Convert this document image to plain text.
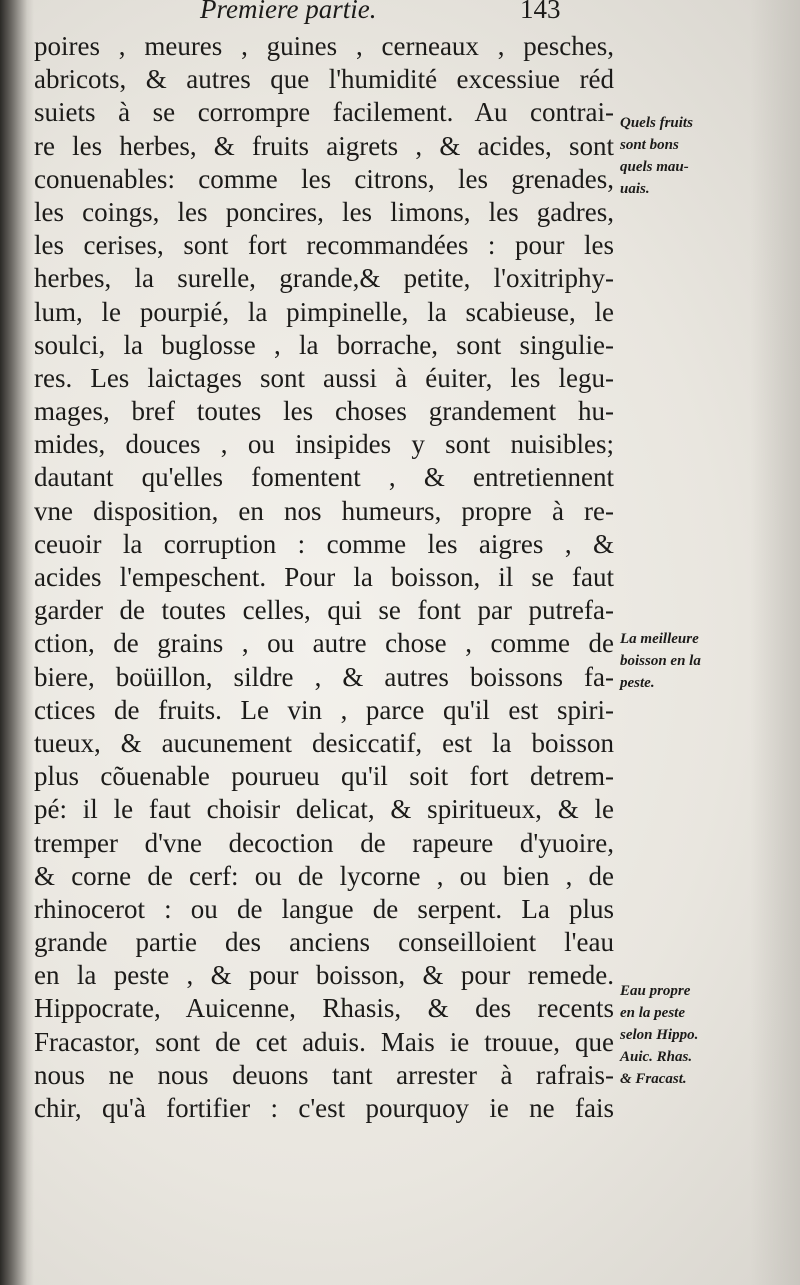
Premiere partie.	143
poires , meures , guines , cerneaux , pesches,
abricots, & autres que l'humidité excessiue réd
suiets à se corrompre facilement. Au contrai-
re les herbes, & fruits aigrets , & acides, sont
conuenables: comme les citrons, les grenades,
les coings, les poncires, les limons, les gadres,
les cerises, sont fort recommandées : pour les
herbes, la surelle, grande,& petite, l'oxitriphy-
lum, le pourpié, la pimpinelle, la scabieuse, le
soulci, la buglosse , la borrache, sont singulie-
res. Les laictages sont aussi à éuiter, les legu-
mages, bref toutes les choses grandement hu-
mides, douces , ou insipides y sont nuisibles;
dautant qu'elles fomentent , & entretiennent
vne disposition, en nos humeurs, propre à re-
ceuoir la corruption : comme les aigres , &
acides l'empeschent. Pour la boisson, il se faut
garder de toutes celles, qui se font par putrefa-
ction, de grains , ou autre chose , comme de
biere, boüillon, sildre , & autres boissons fa-
ctices de fruits. Le vin , parce qu'il est spiri-
tueux, & aucunement desiccatif, est la boisson
plus cõuenable pourueu qu'il soit fort detrem-
pé: il le faut choisir delicat, & spiritueux, & le
tremper d'vne decoction de rapeure d'yuoire,
& corne de cerf: ou de lycorne , ou bien , de
rhinocerot : ou de langue de serpent. La plus
grande partie des anciens conseilloient l'eau
en la peste , & pour boisson, & pour remede.
Hippocrate, Auicenne, Rhasis, & des recents
Fracastor, sont de cet aduis. Mais ie trouue, que
nous ne nous deuons tant arrester à rafrais-
chir, qu'à fortifier : c'est pourquoy ie ne fais
Quels fruits
sont bons
quels mau-
uais.
La meilleure
boisson en la
peste.
Eau propre
en la peste
selon Hippo.
Auic. Rhas.
& Fracast.
